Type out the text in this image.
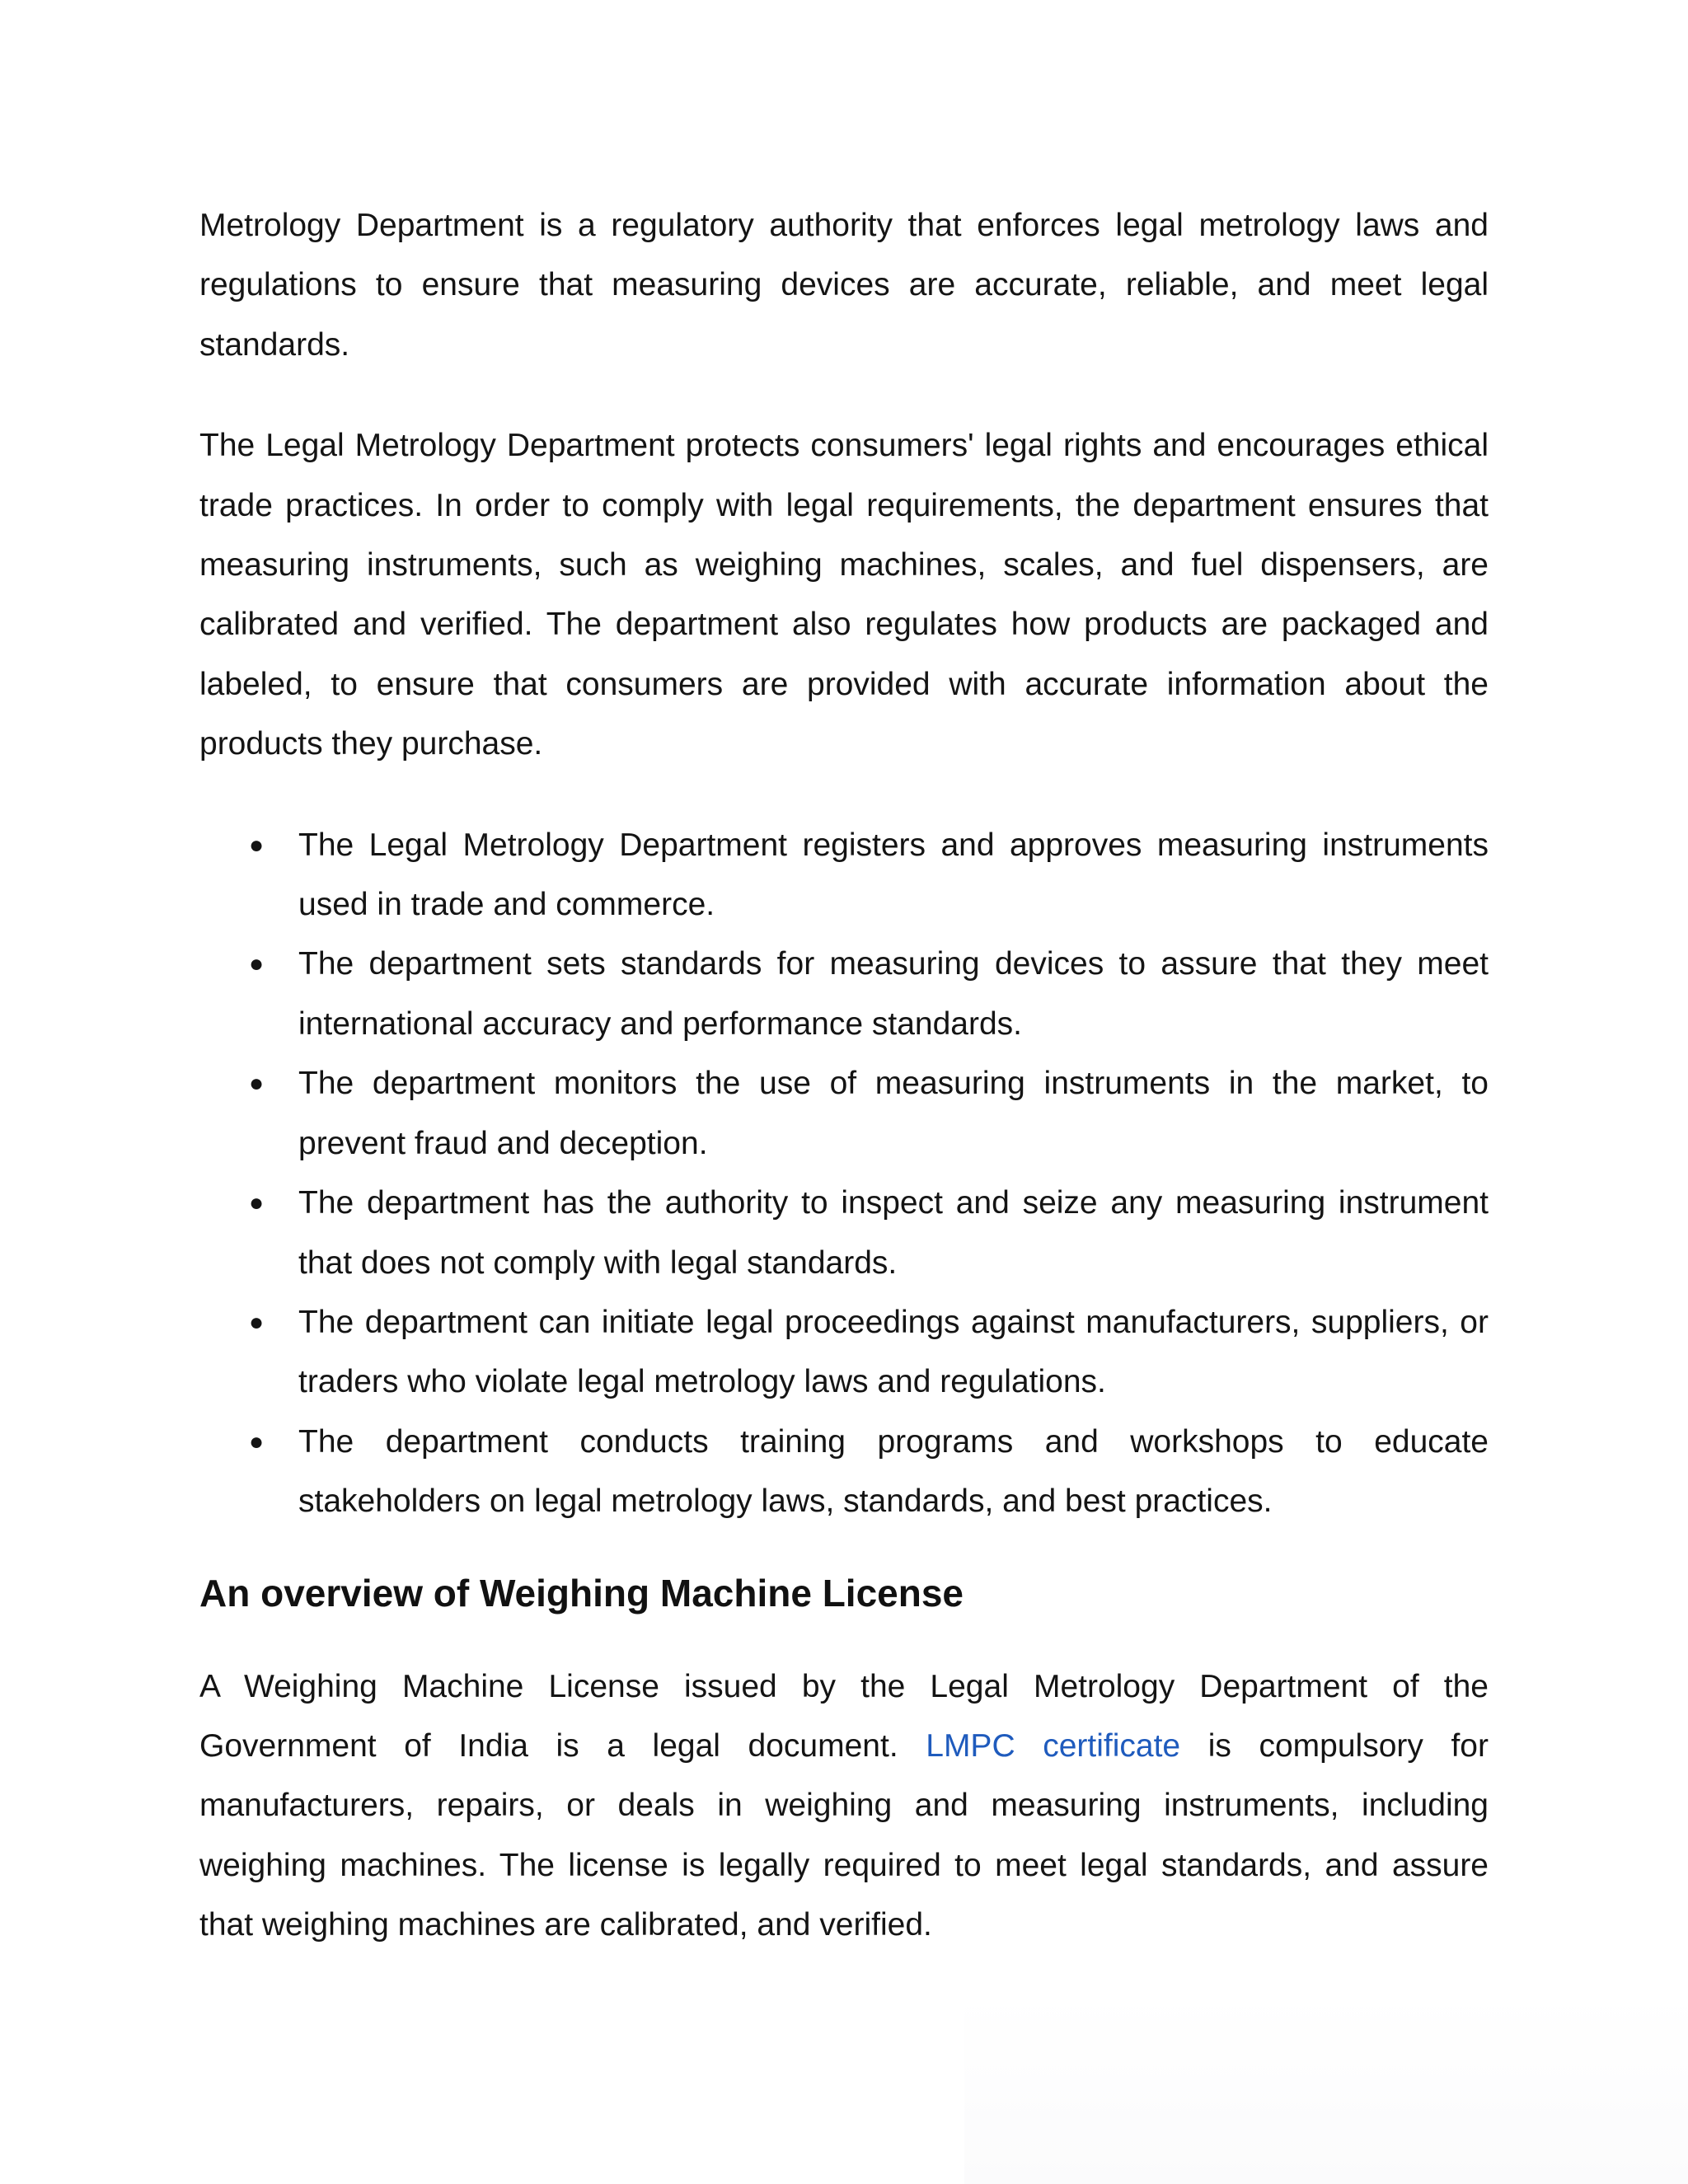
Metrology Department is a regulatory authority that enforces legal metrology laws and regulations to ensure that measuring devices are accurate, reliable, and meet legal standards.

The Legal Metrology Department protects consumers' legal rights and encourages ethical trade practices. In order to comply with legal requirements, the department ensures that measuring instruments, such as weighing machines, scales, and fuel dispensers, are calibrated and verified. The department also regulates how products are packaged and labeled, to ensure that consumers are provided with accurate information about the products they purchase.

●	The Legal Metrology Department registers and approves measuring instruments used in trade and commerce.
●	The department sets standards for measuring devices to assure that they meet international accuracy and performance standards.
●	The department monitors the use of measuring instruments in the market, to prevent fraud and deception.
●	The department has the authority to inspect and seize any measuring instrument that does not comply with legal standards.
●	The department can initiate legal proceedings against manufacturers, suppliers, or traders who violate legal metrology laws and regulations.
●	The department conducts training programs and workshops to educate stakeholders on legal metrology laws, standards, and best practices.
An overview of Weighing Machine License

A Weighing Machine License issued by the Legal Metrology Department of the Government of India is a legal document. LMPC certificate is compulsory for manufacturers, repairs, or deals in weighing and measuring instruments, including weighing machines. The license is legally required to meet legal standards, and assure that weighing machines are calibrated, and verified.
